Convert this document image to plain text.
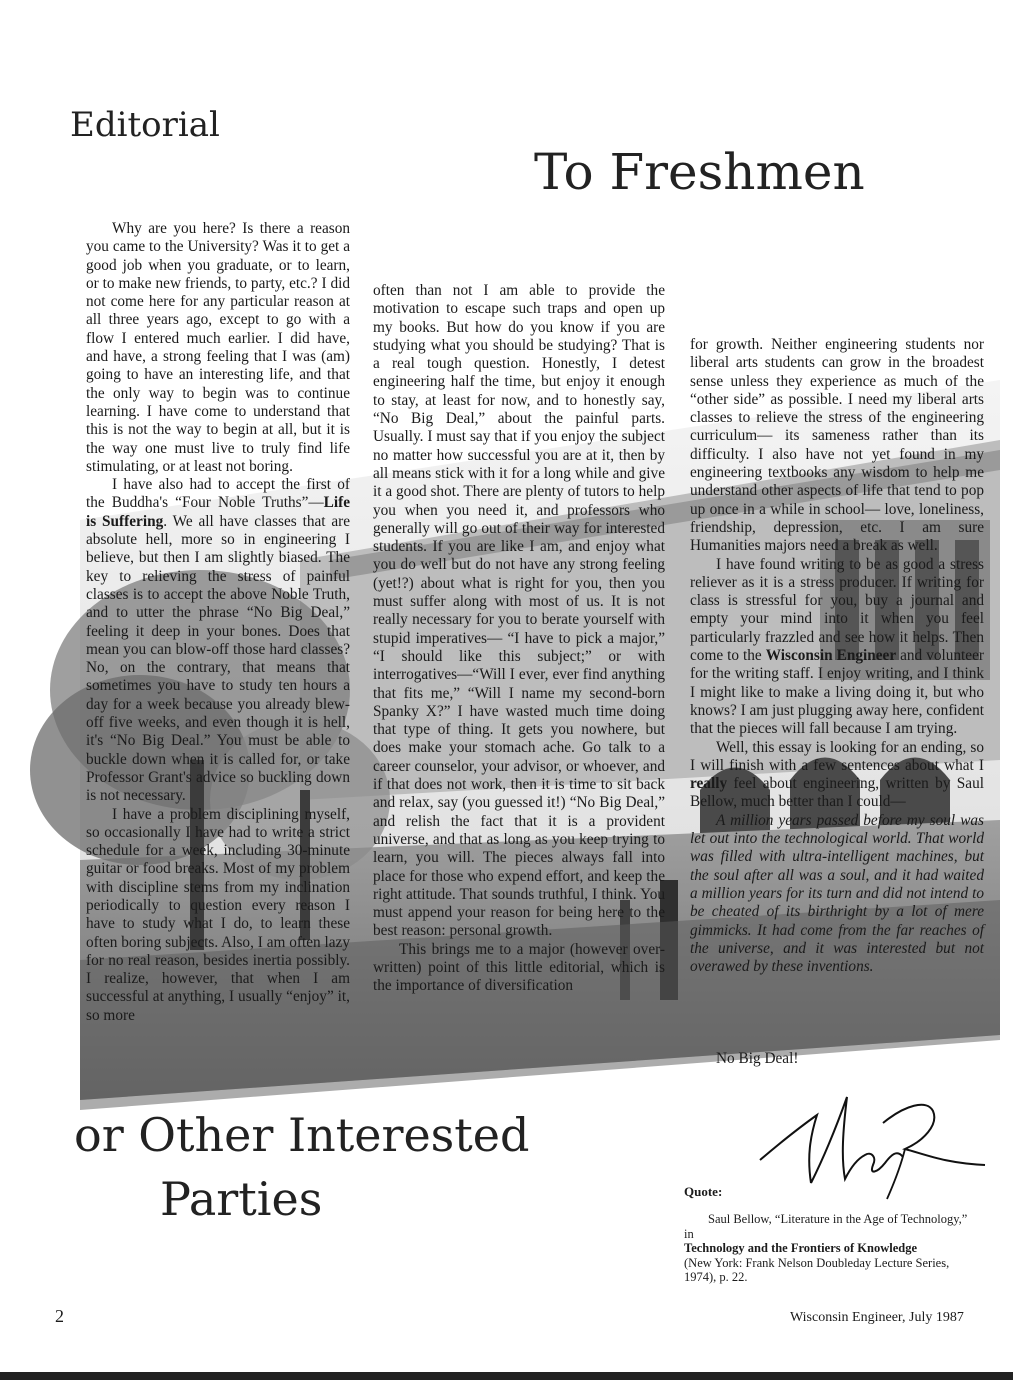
Editorial
To Freshmen

Why are you here? Is there a reason you came to the University? Was it to get a good job when you graduate, or to learn, or to make new friends, to party, etc.? I did not come here for any particular reason at all three years ago, except to go with a flow I entered much earlier. I did have, and have, a strong feeling that I was (am) going to have an interesting life, and that the only way to begin was to continue learning. I have come to understand that this is not the way to begin at all, but it is the way one must live to truly find life stimulating, or at least not boring.

I have also had to accept the first of the Buddha's “Four Noble Truths”—Life is Suffering. We all have classes that are absolute hell, more so in engineering I believe, but then I am slightly biased. The key to relieving the stress of painful classes is to accept the above Noble Truth, and to utter the phrase “No Big Deal,” feeling it deep in your bones. Does that mean you can blow-off those hard classes? No, on the contrary, that means that sometimes you have to study ten hours a day for a week because you already blew-off five weeks, and even though it is hell, it's “No Big Deal.” You must be able to buckle down when it is called for, or take Professor Grant's advice so buckling down is not necessary.

I have a problem disciplining myself, so occasionally I have had to write a strict schedule for a week, including 30-minute guitar or food breaks. Most of my problem with discipline stems from my inclination periodically to question every reason I have to study what I do, to learn these often boring subjects. Also, I am often lazy for no real reason, besides inertia possibly. I realize, however, that when I am successful at anything, I usually “enjoy” it, so more

often than not I am able to provide the motivation to escape such traps and open up my books. But how do you know if you are studying what you should be studying? That is a real tough question. Honestly, I detest engineering half the time, but enjoy it enough to stay, at least for now, and to honestly say, “No Big Deal,” about the painful parts. Usually. I must say that if you enjoy the subject no matter how successful you are at it, then by all means stick with it for a long while and give it a good shot. There are plenty of tutors to help you when you need it, and professors who generally will go out of their way for interested students. If you are like I am, and enjoy what you do well but do not have any strong feeling (yet!?) about what is right for you, then you must suffer along with most of us. It is not really necessary for you to berate yourself with stupid imperatives— “I have to pick a major,” “I should like this subject;” or with interrogatives—“Will I ever, ever find anything that fits me,” “Will I name my second-born Spanky X?” I have wasted much time doing that type of thing. It gets you nowhere, but does make your stomach ache. Go talk to a career counselor, your advisor, or whoever, and if that does not work, then it is time to sit back and relax, say (you guessed it!) “No Big Deal,” and relish the fact that it is a provident universe, and that as long as you keep trying to learn, you will. The pieces always fall into place for those who expend effort, and keep the right attitude. That sounds truthful, I think. You must append your reason for being here to the best reason: personal growth.

This brings me to a major (however over-written) point of this little editorial, which is the importance of diversification

for growth. Neither engineering students nor liberal arts students can grow in the broadest sense unless they experience as much of the “other side” as possible. I need my liberal arts classes to relieve the stress of the engineering curriculum— its sameness rather than its difficulty. I also have not yet found in my engineering textbooks any wisdom to help me understand other aspects of life that tend to pop up once in a while in school— love, loneliness, friendship, depression, etc. I am sure Humanities majors need a break as well.

I have found writing to be as good a stress reliever as it is a stress producer. If writing for class is stressful for you, buy a journal and empty your mind into it when you feel particularly frazzled and see how it helps. Then come to the Wisconsin Engineer and volunteer for the writing staff. I enjoy writing, and I think I might like to make a living doing it, but who knows? I am just plugging away here, confident that the pieces will fall because I am trying.

Well, this essay is looking for an ending, so I will finish with a few sentences about what I really feel about engineering, written by Saul Bellow, much better than I could—

A million years passed before my soul was let out into the technological world. That world was filled with ultra-intelligent machines, but the soul after all was a soul, and it had waited a million years for its turn and did not intend to be cheated of its birthright by a lot of mere gimmicks. It had come from the far reaches of the universe, and it was interested but not overawed by these inventions.

No Big Deal!
or Other Interested
Parties	Quote:
Saul Bellow, “Literature in the Age of Technology,”
in
Technology and the Frontiers of Knowledge
(New York: Frank Nelson Doubleday Lecture Series,
1974), p. 22.
2	Wisconsin Engineer, July 1987
